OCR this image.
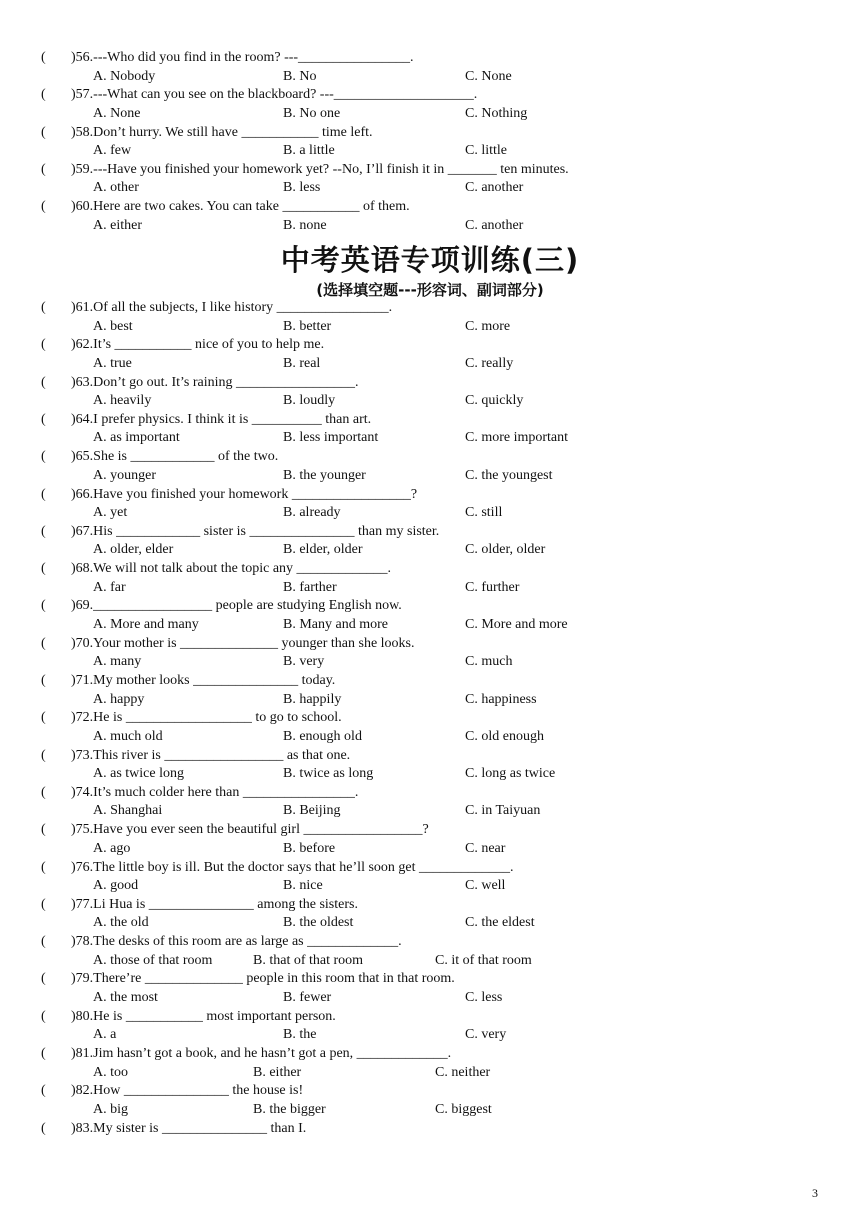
( )56.---Who did you find in the room? ---________________.
A. Nobody	B. No	C. None
( )57.---What can you see on the blackboard? ---____________________.
A. None	B. No one	C. Nothing
( )58.Don’t hurry. We still have ___________ time left.
A. few	B. a little	C. little
( )59.---Have you finished your homework yet? --No, I’ll finish it in _______ ten minutes.
A. other	B. less	C. another
( )60.Here are two cakes. You can take ___________ of them.
A. either	B. none	C. another
中考英语专项训练(三)
(选择填空题---形容词、副词部分)
( )61.Of all the subjects, I like history ________________.
A. best	B. better	C. more
( )62.It’s ___________ nice of you to help me.
A. true	B. real	C. really
( )63.Don’t go out. It’s raining _________________.
A. heavily	B. loudly	C. quickly
( )64.I prefer physics. I think it is __________ than art.
A. as important	B. less important	C. more important
( )65.She is ____________ of the two.
A. younger	B. the younger	C. the youngest
( )66.Have you finished your homework _________________?
A. yet	B. already	C. still
( )67.His ____________ sister is _______________ than my sister.
A. older, elder	B. elder, older	C. older, older
( )68.We will not talk about the topic any _____________.
A. far	B. farther	C. further
( )69._________________ people are studying English now.
A. More and many	B. Many and more	C. More and more
( )70.Your mother is ______________ younger than she looks.
A. many	B. very	C. much
( )71.My mother looks _______________ today.
A. happy	B. happily	C. happiness
( )72.He is __________________ to go to school.
A. much old	B. enough old	C. old enough
( )73.This river is _________________ as that one.
A. as twice long	B. twice as long	C. long as twice
( )74.It’s much colder here than ________________.
A. Shanghai	B. Beijing	C. in Taiyuan
( )75.Have you ever seen the beautiful girl _________________?
A. ago	B. before	C. near
( )76.The little boy is ill. But the doctor says that he’ll soon get _____________.
A. good	B. nice	C. well
( )77.Li Hua is _______________ among the sisters.
A. the old	B. the oldest	C. the eldest
( )78.The desks of this room are as large as _____________.
A. those of that room	B. that of that room	C. it of that room
( )79.There’re ______________ people in this room that in that room.
A. the most	B. fewer	C. less
( )80.He is ___________ most important person.
A. a	B. the	C. very
( )81.Jim hasn’t got a book, and he hasn’t got a pen, _____________.
A. too	B. either	C. neither
( )82.How _______________ the house is!
A. big	B. the bigger	C. biggest
( )83.My sister is _______________ than I.
3
